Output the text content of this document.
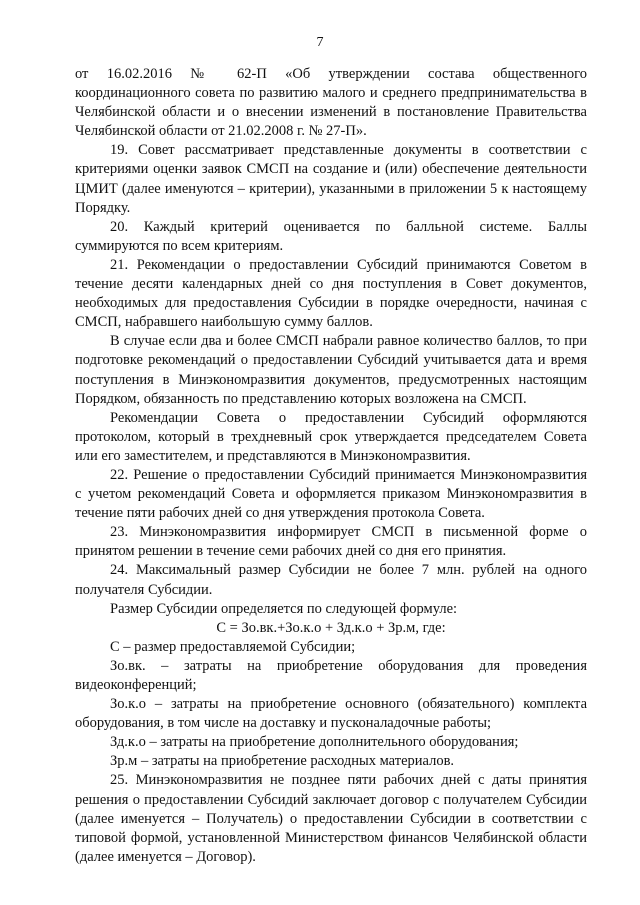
7

от 16.02.2016 № 62-П «Об утверждении состава общественного координационного совета по развитию малого и среднего предпринимательства в Челябинской области и о внесении изменений в постановление Правительства Челябинской области от 21.02.2008 г. № 27-П».

19. Совет рассматривает представленные документы в соответствии с критериями оценки заявок СМСП на создание и (или) обеспечение деятельности ЦМИТ (далее именуются – критерии), указанными в приложении 5 к настоящему Порядку.

20. Каждый критерий оценивается по балльной системе. Баллы суммируются по всем критериям.

21. Рекомендации о предоставлении Субсидий принимаются Советом в течение десяти календарных дней со дня поступления в Совет документов, необходимых для предоставления Субсидии в порядке очередности, начиная с СМСП, набравшего наибольшую сумму баллов.

В случае если два и более СМСП набрали равное количество баллов, то при подготовке рекомендаций о предоставлении Субсидий учитывается дата и время поступления в Минэкономразвития документов, предусмотренных настоящим Порядком, обязанность по представлению которых возложена на СМСП.

Рекомендации Совета о предоставлении Субсидий оформляются протоколом, который в трехдневный срок утверждается председателем Совета или его заместителем, и представляются в Минэкономразвития.

22. Решение о предоставлении Субсидий принимается Минэкономразвития с учетом рекомендаций Совета и оформляется приказом Минэкономразвития в течение пяти рабочих дней со дня утверждения протокола Совета.

23. Минэкономразвития информирует СМСП в письменной форме о принятом решении в течение семи рабочих дней со дня его принятия.

24. Максимальный размер Субсидии не более 7 млн. рублей на одного получателя Субсидии.

Размер Субсидии определяется по следующей формуле:

С = Зо.вк.+Зо.к.о + Зд.к.о + Зр.м, где:

С – размер предоставляемой Субсидии;

Зо.вк. – затраты на приобретение оборудования для проведения видеоконференций;

Зо.к.о – затраты на приобретение основного (обязательного) комплекта оборудования, в том числе на доставку и пусконаладочные работы;

Зд.к.о – затраты на приобретение дополнительного оборудования;

Зр.м – затраты на приобретение расходных материалов.

25. Минэкономразвития не позднее пяти рабочих дней с даты принятия решения о предоставлении Субсидий заключает договор с получателем Субсидии (далее именуется – Получатель) о предоставлении Субсидии в соответствии с типовой формой, установленной Министерством финансов Челябинской области (далее именуется – Договор).
